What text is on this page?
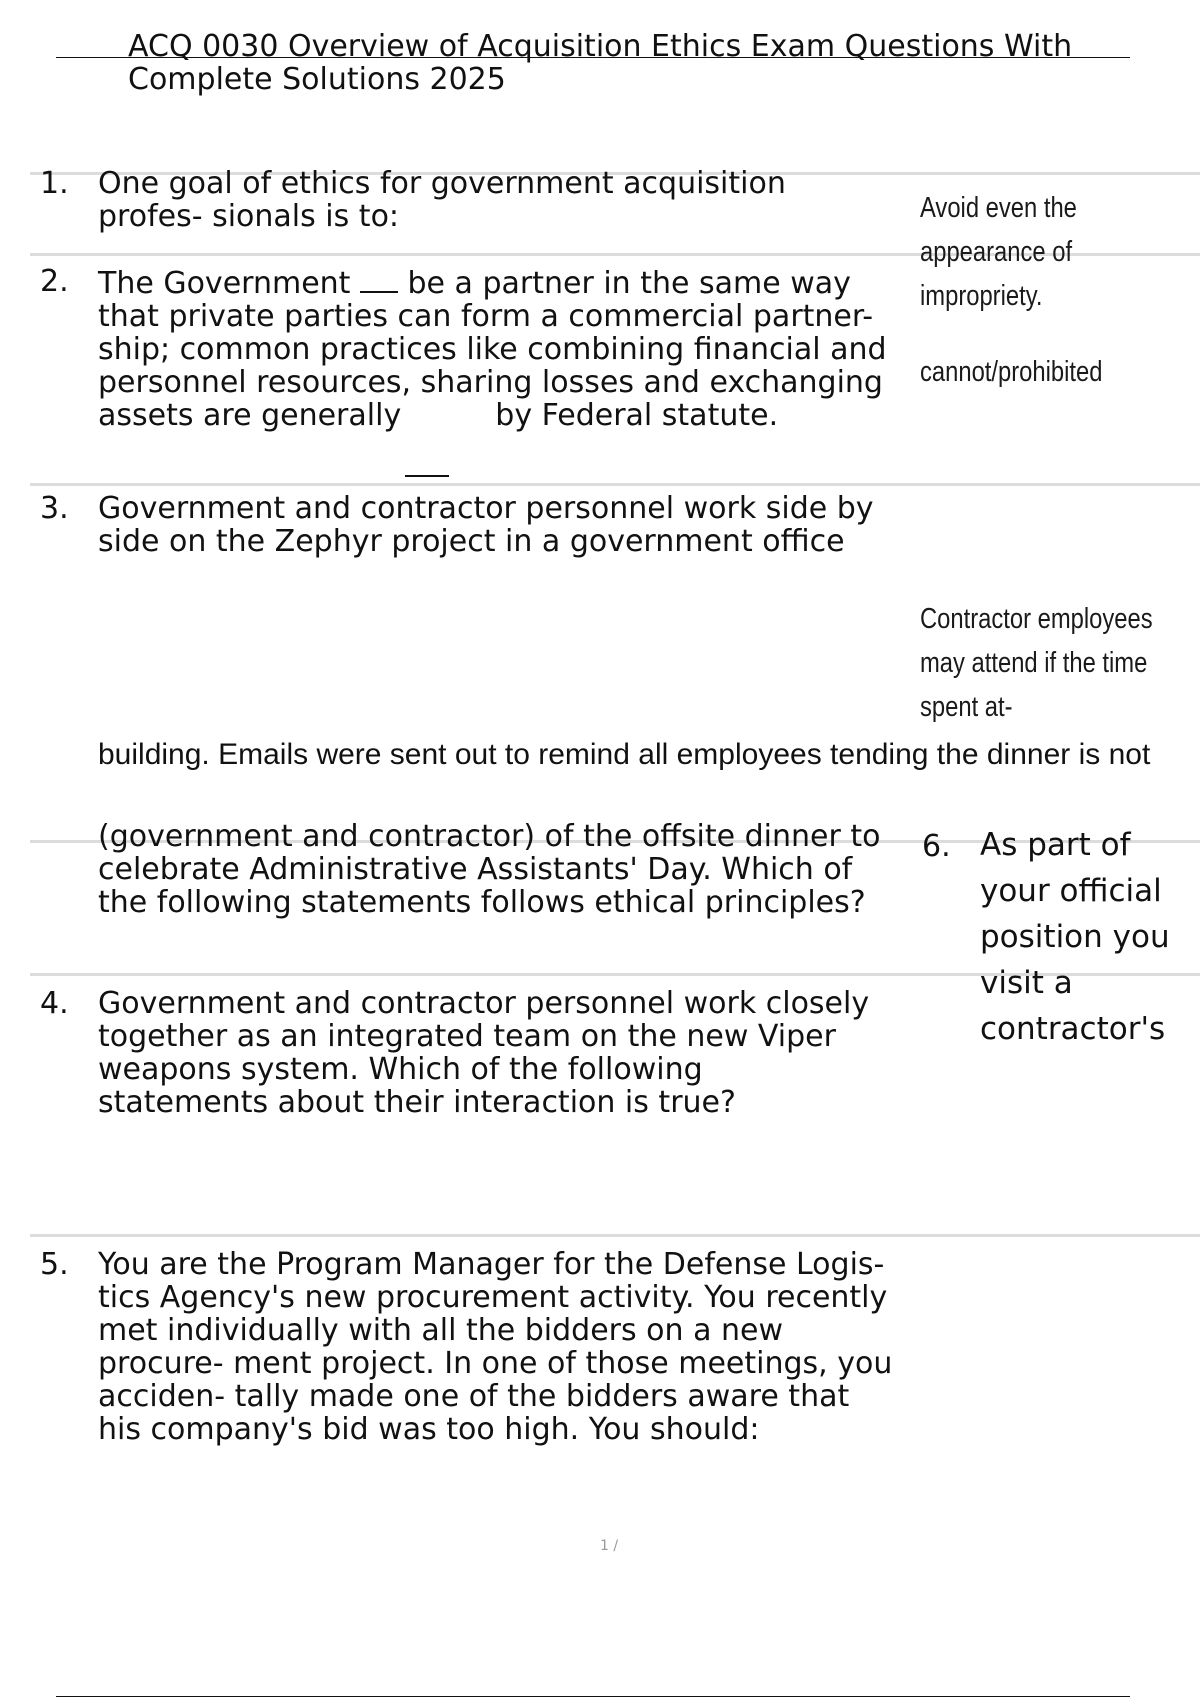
ACQ 0030 Overview of Acquisition Ethics Exam Questions With Complete Solutions 2025
1. One goal of ethics for government acquisition profes- sionals is to:	Avoid even the appearance of impropriety.
2. The Government be a partner in the same way that private parties can form a commercial partner- ship; common practices like combining financial and personnel resources, sharing losses and exchanging assets are generally	by Federal statute.
cannot/prohibited
3. Government and contractor personnel work side by side on the Zephyr project in a government office
Contractor employees may attend if the time spent at-
building. Emails were sent out to remind all employees tending the dinner is not
(government and contractor) of the offsite dinner to celebrate Administrative Assistants' Day. Which of the following statements follows ethical principles?
6. As part of your official position you visit a contractor's
4. Government and contractor personnel work closely together as an integrated team on the new Viper weapons system. Which of the following statements about their interaction is true?
5. You are the Program Manager for the Defense Logis- tics Agency's new procurement activity. You recently met individually with all the bidders on a new procure- ment project. In one of those meetings, you acciden- tally made one of the bidders aware that his company's bid was too high. You should:
1 /
